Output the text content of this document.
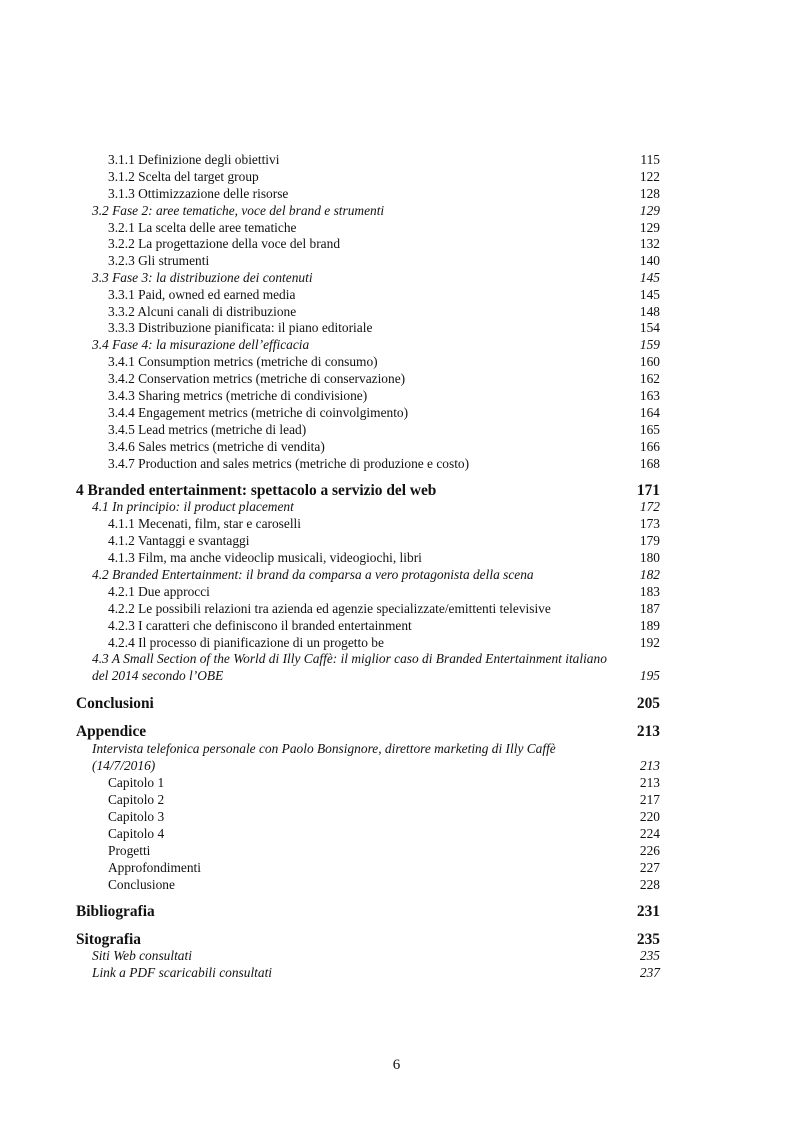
3.1.1 Definizione degli obiettivi	115
3.1.2 Scelta del target group	122
3.1.3 Ottimizzazione delle risorse	128
3.2 Fase 2: aree tematiche, voce del brand e strumenti	129
3.2.1 La scelta delle aree tematiche	129
3.2.2 La progettazione della voce del brand	132
3.2.3 Gli strumenti	140
3.3 Fase 3: la distribuzione dei contenuti	145
3.3.1 Paid, owned ed earned media	145
3.3.2 Alcuni canali di distribuzione	148
3.3.3 Distribuzione pianificata: il piano editoriale	154
3.4 Fase 4: la misurazione dell’efficacia	159
3.4.1 Consumption metrics (metriche di consumo)	160
3.4.2 Conservation metrics (metriche di conservazione)	162
3.4.3 Sharing metrics (metriche di condivisione)	163
3.4.4 Engagement metrics (metriche di coinvolgimento)	164
3.4.5 Lead metrics (metriche di lead)	165
3.4.6 Sales metrics (metriche di vendita)	166
3.4.7 Production and sales metrics (metriche di produzione e costo)	168
4 Branded entertainment: spettacolo a servizio del web	171
4.1 In principio: il product placement	172
4.1.1 Mecenati, film, star e caroselli	173
4.1.2 Vantaggi e svantaggi	179
4.1.3 Film, ma anche videoclip musicali, videogiochi, libri	180
4.2 Branded Entertainment: il brand da comparsa a vero protagonista della scena	182
4.2.1 Due approcci	183
4.2.2 Le possibili relazioni tra azienda ed agenzie specializzate/emittenti televisive	187
4.2.3 I caratteri che definiscono il branded entertainment	189
4.2.4 Il processo di pianificazione di un progetto be	192
4.3 A Small Section of the World di Illy Caffè: il miglior caso di Branded Entertainment italiano
del 2014 secondo l’OBE	195
Conclusioni	205
Appendice	213
Intervista telefonica personale con Paolo Bonsignore, direttore marketing di Illy Caffè
(14/7/2016)	213
Capitolo 1	213
Capitolo 2	217
Capitolo 3	220
Capitolo 4	224
Progetti	226
Approfondimenti	227
Conclusione	228
Bibliografia	231
Sitografia	235
Siti Web consultati	235
Link a PDF scaricabili consultati	237
6
